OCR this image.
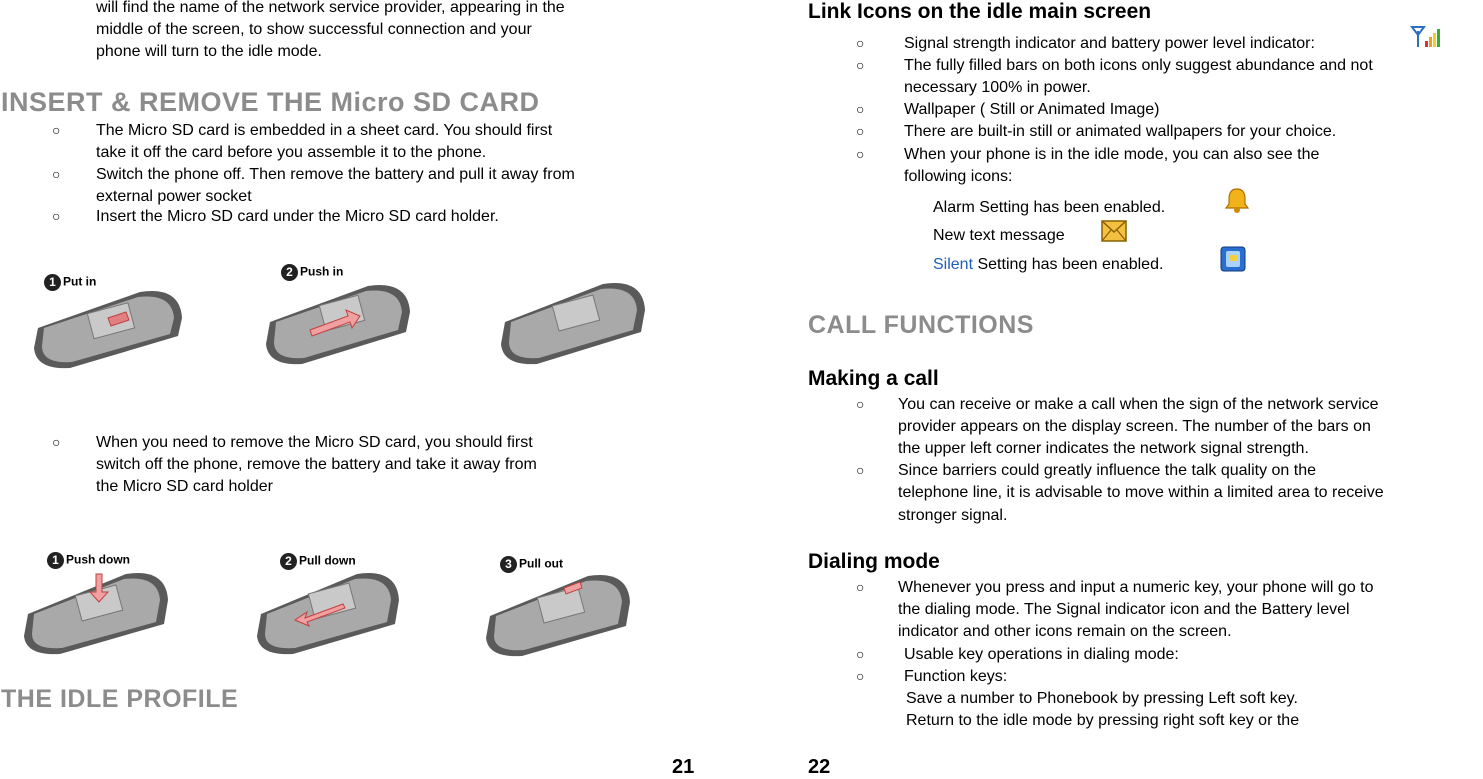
will find the name of the network service provider, appearing in the
middle of the screen, to show successful connection and your
phone will turn to the idle mode.
INSERT & REMOVE THE Micro SD CARD
○ The Micro SD card is embedded in a sheet card. You should first
take it off the card before you assemble it to the phone.
○ Switch the phone off. Then remove the battery and pull it away from
external power socket
○ Insert the Micro SD card under the Micro SD card holder.
1 Put in
2 Push in
○ When you need to remove the Micro SD card, you should first
switch off the phone, remove the battery and take it away from
the Micro SD card holder
1 Push down	2 Pull down	3 Pull out
THE IDLE PROFILE
21
Link Icons on the idle main screen
○ Signal strength indicator and battery power level indicator:
○ The fully filled bars on both icons only suggest abundance and not
necessary 100% in power.
○ Wallpaper ( Still or Animated Image)
○ There are built-in still or animated wallpapers for your choice.
○ When your phone is in the idle mode, you can also see the
following icons:
Alarm Setting has been enabled.
New text message
Silent Setting has been enabled.
CALL FUNCTIONS
Making a call
○ You can receive or make a call when the sign of the network service
provider appears on the display screen. The number of the bars on
the upper left corner indicates the network signal strength.
○ Since barriers could greatly influence the talk quality on the
telephone line, it is advisable to move within a limited area to receive
stronger signal.
Dialing mode
○ Whenever you press and input a numeric key, your phone will go to
the dialing mode. The Signal indicator icon and the Battery level
indicator and other icons remain on the screen.
○ Usable key operations in dialing mode:
○ Function keys:
Save a number to Phonebook by pressing Left soft key.
Return to the idle mode by pressing right soft key or the
22
